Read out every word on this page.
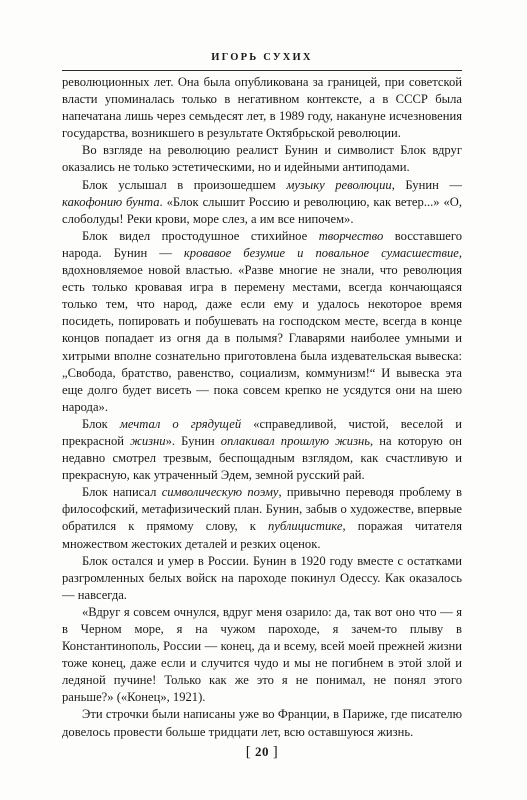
ИГОРЬ СУХИХ

революционных лет. Она была опубликована за границей, при советской власти упоминалась только в негативном контексте, а в СССР была напечатана лишь через семьдесят лет, в 1989 году, накануне исчезновения государства, возникшего в результате Октябрьской революции.

Во взгляде на революцию реалист Бунин и символист Блок вдруг оказались не только эстетическими, но и идейными антиподами.

Блок услышал в произошедшем музыку революции, Бунин — какофонию бунта. «Блок слышит Россию и революцию, как ветер...» «О, слоболуды! Реки крови, море слез, а им все нипочем».

Блок видел простодушное стихийное творчество восставшего народа. Бунин — кровавое безумие и повальное сумасшествие, вдохновляемое новой властью. «Разве многие не знали, что революция есть только кровавая игра в перемену местами, всегда кончающаяся только тем, что народ, даже если ему и удалось некоторое время посидеть, попировать и побушевать на господском месте, всегда в конце концов попадает из огня да в полымя? Главарями наиболее умными и хитрыми вполне сознательно приготовлена была издевательская вывеска: „Свобода, братство, равенство, социализм, коммунизм!“ И вывеска эта еще долго будет висеть — пока совсем крепко не усядутся они на шею народа».

Блок мечтал о грядущей «справедливой, чистой, веселой и прекрасной жизни». Бунин оплакивал прошлую жизнь, на которую он недавно смотрел трезвым, беспощадным взглядом, как счастливую и прекрасную, как утраченный Эдем, земной русский рай.

Блок написал символическую поэму, привычно переводя проблему в философский, метафизический план. Бунин, забыв о художестве, впервые обратился к прямому слову, к публицистике, поражая читателя множеством жестоких деталей и резких оценок.

Блок остался и умер в России. Бунин в 1920 году вместе с остатками разгромленных белых войск на пароходе покинул Одессу. Как оказалось — навсегда.

«Вдруг я совсем очнулся, вдруг меня озарило: да, так вот оно что — я в Черном море, я на чужом пароходе, я зачем-то плыву в Константинополь, России — конец, да и всему, всей моей прежней жизни тоже конец, даже если и случится чудо и мы не погибнем в этой злой и ледяной пучине! Только как же это я не понимал, не понял этого раньше?» («Конец», 1921).

Эти строчки были написаны уже во Франции, в Париже, где писателю довелось провести больше тридцати лет, всю оставшуюся жизнь.

[ 20 ]
